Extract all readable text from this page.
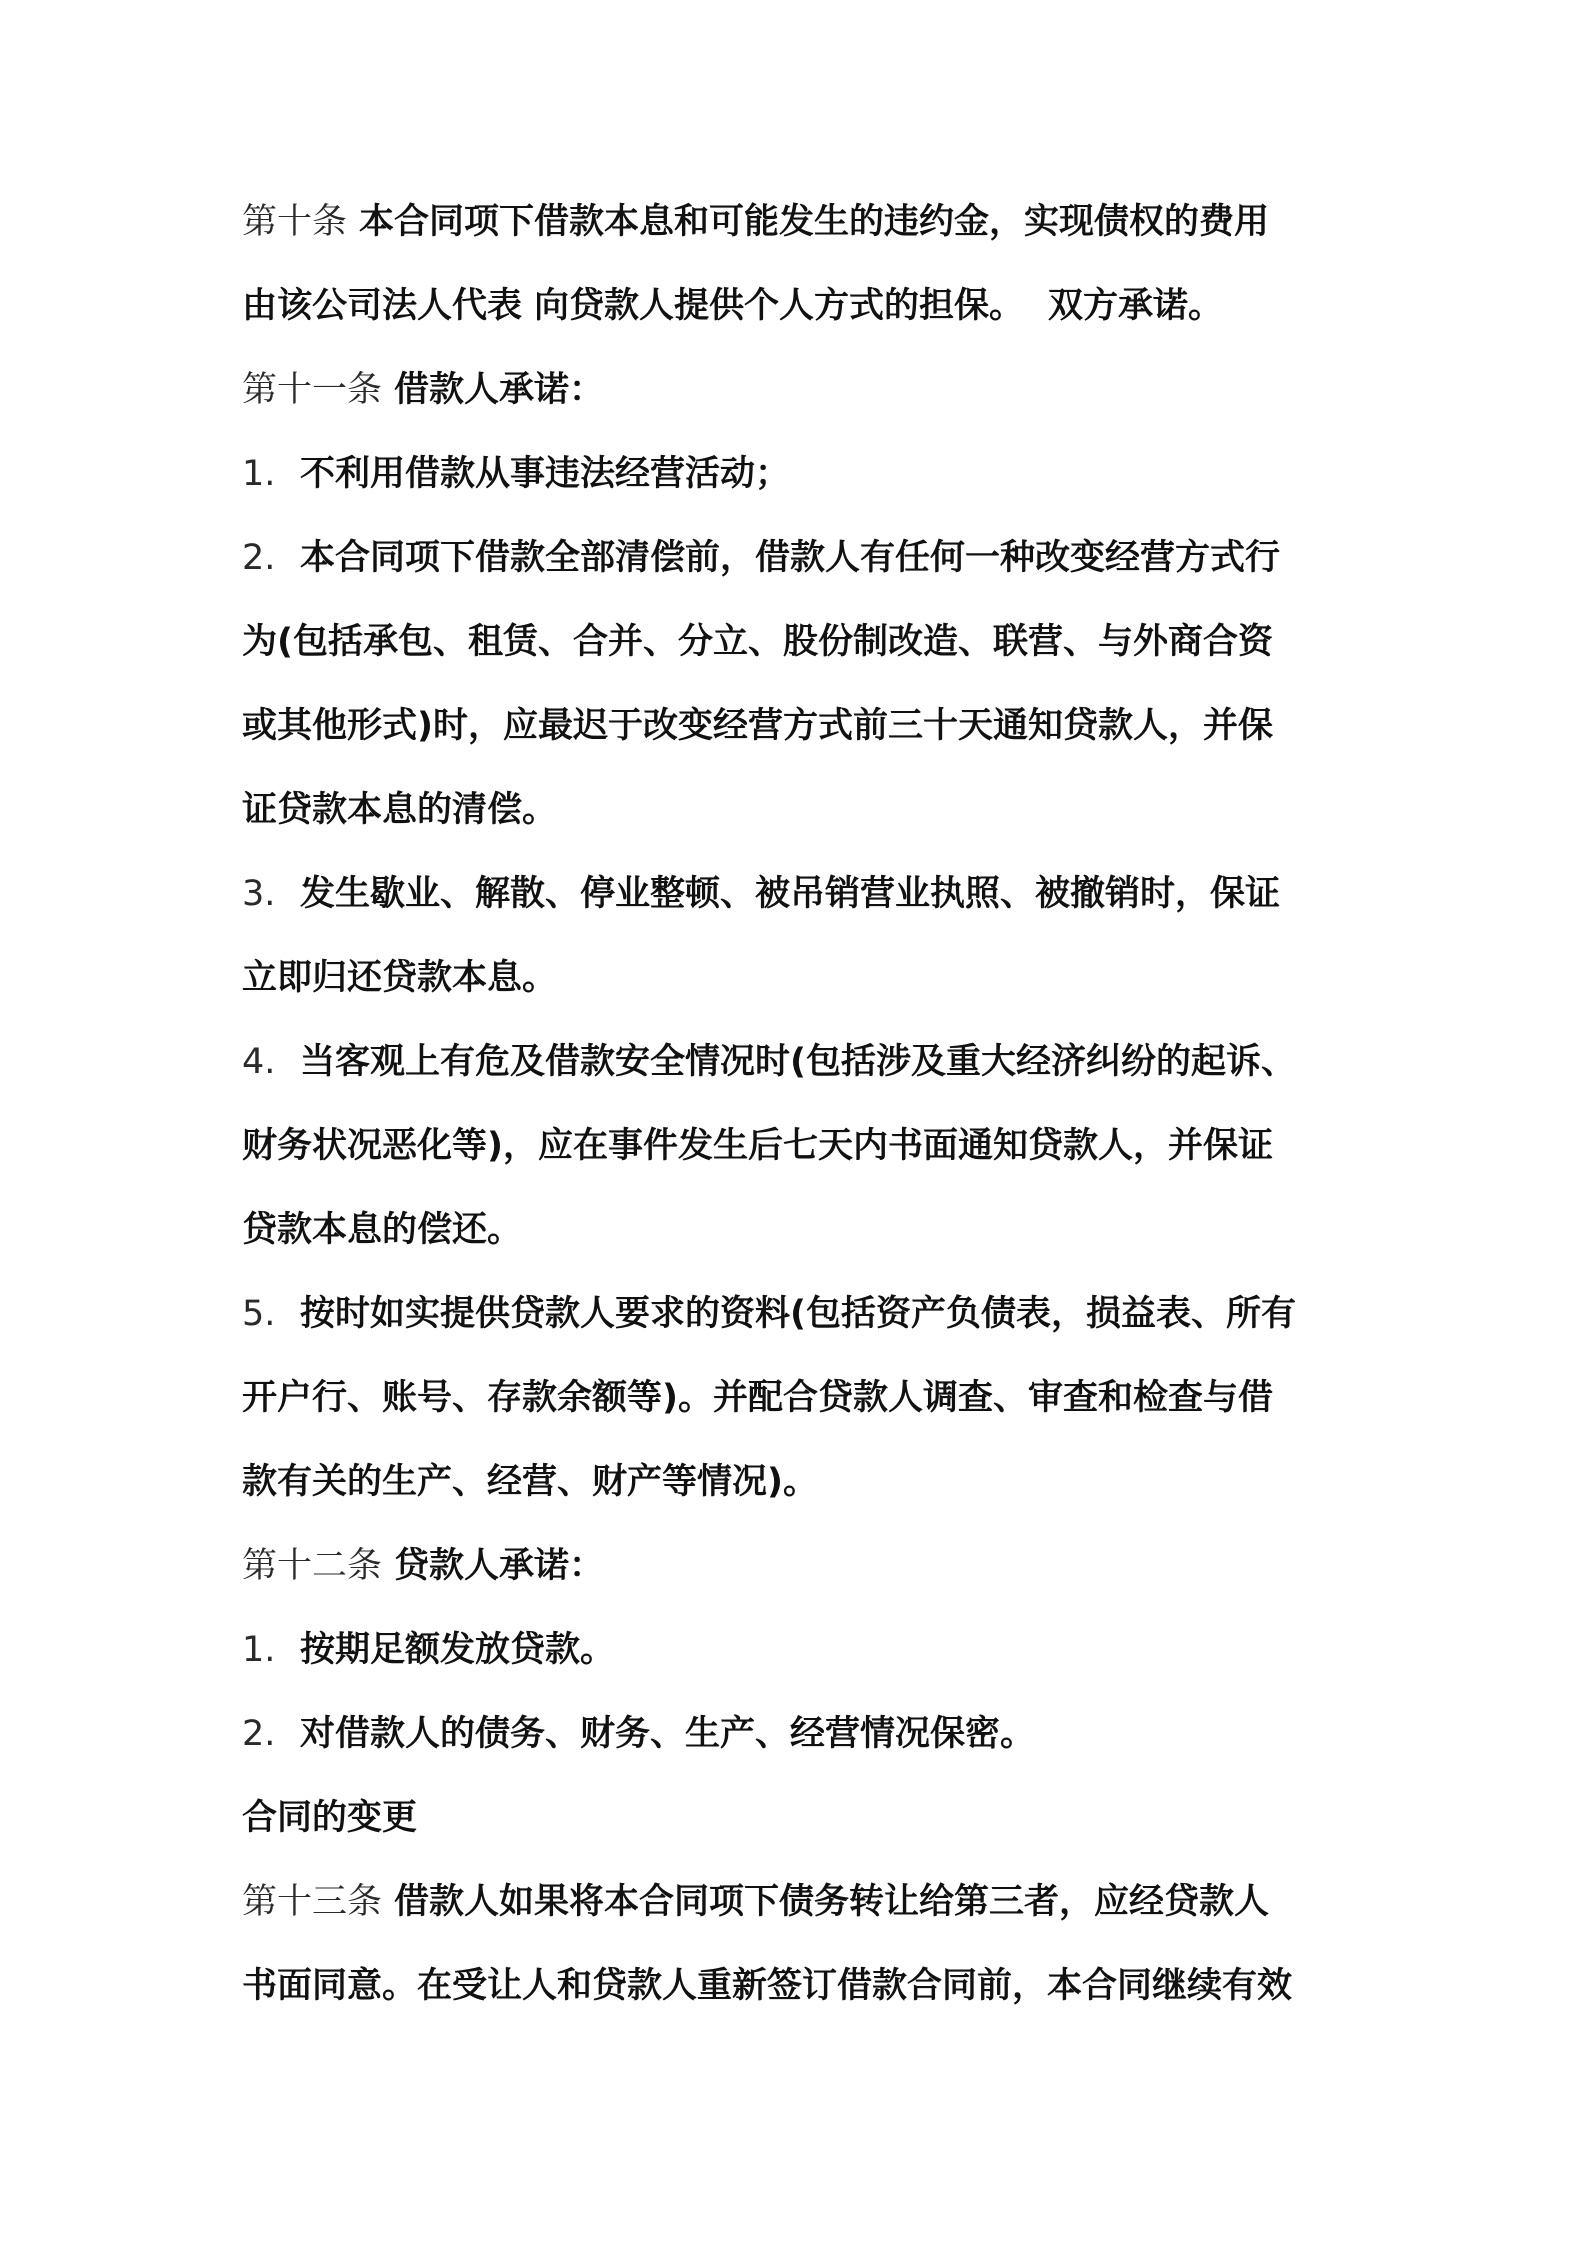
第十条 本合同项下借款本息和可能发生的违约金，实现债权的费用
由该公司法人代表 向贷款人提供个人方式的担保。 双方承诺。
第十一条 借款人承诺：
1. 不利用借款从事违法经营活动；
2. 本合同项下借款全部清偿前，借款人有任何一种改变经营方式行
为(包括承包、租赁、合并、分立、股份制改造、联营、与外商合资
或其他形式)时，应最迟于改变经营方式前三十天通知贷款人，并保
证贷款本息的清偿。
3. 发生歇业、解散、停业整顿、被吊销营业执照、被撤销时，保证
立即归还贷款本息。
4. 当客观上有危及借款安全情况时(包括涉及重大经济纠纷的起诉、
财务状况恶化等)，应在事件发生后七天内书面通知贷款人，并保证
贷款本息的偿还。
5. 按时如实提供贷款人要求的资料(包括资产负债表，损益表、所有
开户行、账号、存款余额等)。并配合贷款人调查、审查和检查与借
款有关的生产、经营、财产等情况)。
第十二条 贷款人承诺：
1. 按期足额发放贷款。
2. 对借款人的债务、财务、生产、经营情况保密。
合同的变更
第十三条 借款人如果将本合同项下债务转让给第三者，应经贷款人
书面同意。在受让人和贷款人重新签订借款合同前，本合同继续有效
